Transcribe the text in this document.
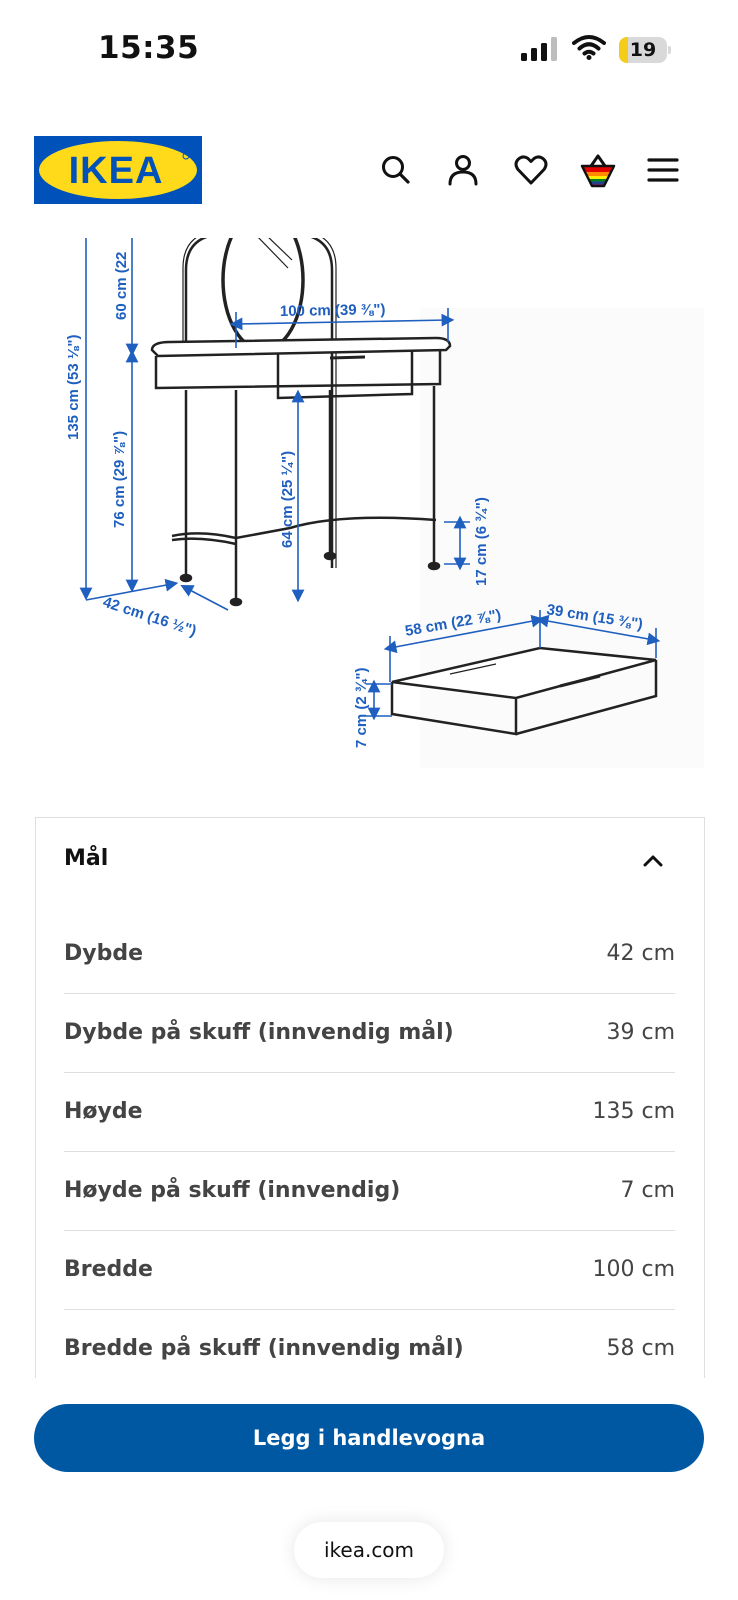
15:35	19
IKEA
60 cm (22	100 cm (39 ⅜")
135 cm (53 ⅛")
76 cm (29 ⅞")	64 cm (25 ¼")	17 cm (6 ¾")
42 cm (16 ½")	58 cm (22 ⅞")	39 cm (15 ⅜")
7 cm (2 ¾")
Mål
Dybde	42 cm
Dybde på skuff (innvendig mål)	39 cm
Høyde	135 cm
Høyde på skuff (innvendig)	7 cm
Bredde	100 cm
Bredde på skuff (innvendig mål)	58 cm
Legg i handlevogna
ikea.com
